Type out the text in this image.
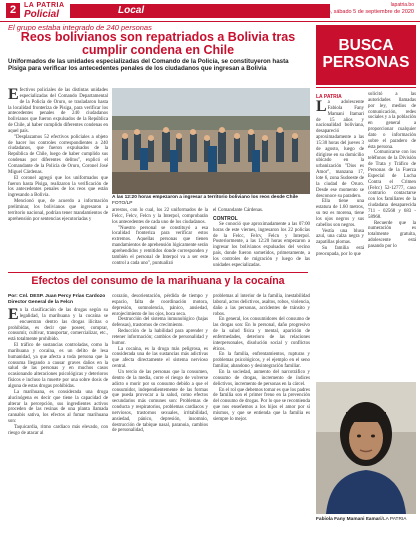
2	LA PATRIA
Policial	Local	lapatria.bo
Oruro, sábado 5 de septiembre de 2020
El grupo estaba integrado de 240 personas
Reos bolivianos son repatriados a Bolivia tras cumplir condena en Chile
Uniformados de las unidades especializadas del Comando de la Policía, se constituyeron hasta Pisiga para verificar los antecedentes penales de los ciudadanos que ingresan a Bolivia

Efectivos policiales de las distintas unidades especializadas del Comando Departamental de la Policía de Oruro, se trasladaron hasta la localidad fronteriza de Pisiga, para verificar los antecedentes penales de 240 ciudadanos bolivianos que fueron expulsados de la República de Chile, al haber cumplido diferentes condenas en aquel país.

"Desplazamos 52 efectivos policiales a objeto de hacer los controles correspondientes a 240 ciudadanos, que fueron expulsados de la República de Chile, luego de haber cumplido sus condenas por diferentes delitos", explicó el Comandante de la Policía de Oruro, Coronel José Miguel Cárdenas.

El coronel agregó que los uniformados que fueron hasta Pisiga, realizaron la verificación de los antecedentes penales de los reos que están ingresando a Bolivia.

Mencionó que, de acuerdo a información preliminar, los bolivianos que ingresaron a territorio nacional, podrían tener mandamientos de aprehensión por sentencias ejecutoriadas y

A las 12:20 horas empezaron a ingresar a territorio boliviano los reos desde Chile FOTO/LP

arrestos, con lo cual, los 22 uniformados de la Felcc, Felcv, Felcn y la Interpol, comprobarán los antecedentes de cada uno de los ciudadanos.

"Nuestro personal se constituyó a esa localidad fronteriza para verificar estos extremos. Aquellas personas que tienen mandamientos de aprehensión lógicamente serán aprehendidos y remitidos donde corresponden y también el personal de Interpol va a ser este control a cada uno", puntualizó

el Comandante Cárdenas.

CONTROL

Se conoció que aproximadamente a las 07:00 horas de este viernes, ingresaron los 22 policías de la Felcc, Felcv, Felcn y Interpol. Posteriormente, a las 12:20 horas empezaron a ingresar los bolivianos expulsados del vecino país, donde fueron sometidos, primeramente, a los controles de migración y luego de las unidades especializadas.

BUSCA PERSONAS

LA PATRIA

La adolescente Fabiola Fany Mamani Itamari de 15 años y nacionalidad boliviana, desapareció aproximadamente a las 15:30 horas del jueves 3 de agosto, luego de dirigirse en su domicilio ubicado en la urbanización "Dios es Amor", manzana 17, lote 6, zona Sudoeste de la ciudad de Oruro. Desde ese momento se desconoce su paradero.

Ella tiene una estatura de 1.60 metros, su tez es morena, tiene los ojos negros y sus cabellos son negros.

Vestía una blusa azul, una calza negra y zapatillas plomas.

Su familia está preocupada, por lo que

solicitó a las autoridades llamadas por ley, medios de comunicación, redes sociales y a la población en general a proporcionar cualquier dato o información sobre el paradero de ésta persona.

Comunicarse con los teléfonos de la División de Trata y Tráfico de Personas de la Fuerza Especial de Lucha Contra el Crimen (Felcc) 52-12777, caso contrario contactarse con los familiares de la ciudadana desaparecida 711 - 02568 y 683 - 58968.

Recuerde que la numeración es totalmente gratuita, adolescente está pasando por lo

Fabiola Fany Mamani Itamari/LA PATRIA
Efectos del consumo de la marihuana y la cocaína
Por: Cnl. DESP. Juan Percy Frías Cardozo Director General de la Felcn

En la clasificación de las drogas según su legalidad, la marihuana y la cocaína se encuentran dentro las drogas ilícitas o prohibidas, es decir que poseer, comprar, consumir, cultivar, transportar, comercializar, etc., está totalmente prohibido.

El tráfico de sustancias controladas, como la marihuana y cocaína, es un delito de lesa humanidad, ya que afecta a toda persona que la consuma llegando a causar graves daños en la salud de las personas y en muchos casos ocasionando alteraciones psicológicas y deterioros físicos e incluso la muerte por una sobre dosis de alguna de estas drogas prohibidas.

La marihuana, es considerada una droga alucinógena es decir que tiene la capacidad de alterar la percepción, sus ingredientes activos proceden de las resinas de una planta llamada cannabis sativa, los efectos al fumar marihuana son:

Taquicardia, ritmo cardiaco más elevado, con riesgo de atacar al

corazón, desorientación, pérdida de tiempo y espacio, falta de coordinación motora, depresión, somnolencia, pánico, ansiedad, enrojecimiento de los ojos, boca seca.

Destrucción del sistema inmunológico (bajas defensas), trastornos de crecimiento.

Reducción de la habilidad para aprender y retener información; cambios de personalidad y humor.

La cocaína, es la droga más peligrosa, es considerada una de las sustancias más adictivas que afecta directamente el sistema nervioso central.

Un tercio de las personas que la consumen, dentro de la media, corre el riesgo de volverse adicto o morir por su consumo debido a que el consumidor, independientemente de las formas que pueda provocar a la salud, como efectos secundarios más comunes son: Problemas de conducta y respiratorios, problemas cardiacos y nerviosos, trastornos sexuales, irritabilidad, ansiedad, pánico, depresión, insomnio, destrucción de tabique nasal, paranoia, cambios de personalidad,

problemas al interior de la familia, inestabilidad laboral, actos delictivos, asaltos, robos, violencia, daño a las personas, accidentes de tránsito y robos.

En general, los consumidores del consumo de las drogas son: En lo personal, daño progresivo de la salud física y mental, aparición de enfermedades, deterioro de las relaciones interpersonales, disolución social y conflictos éticos.

En la familia, enfrentamientos, rupturas y problemas psicológicos, y el ejemplo en el seno familiar, abandono y desintegración familiar.

En la sociedad, aumento del narcotráfico y consumo de drogas, incremento de índices delictivos, incremento de personas en la cárcel.

En el rol que debemos tomar es que los padres de familia son el primer freno en la prevención del consumo de drogas. Por lo que se recomienda que nos enseñemos a los hijos el amor por sí mismos, y que se entienda que la familia es siempre lo mejor.
